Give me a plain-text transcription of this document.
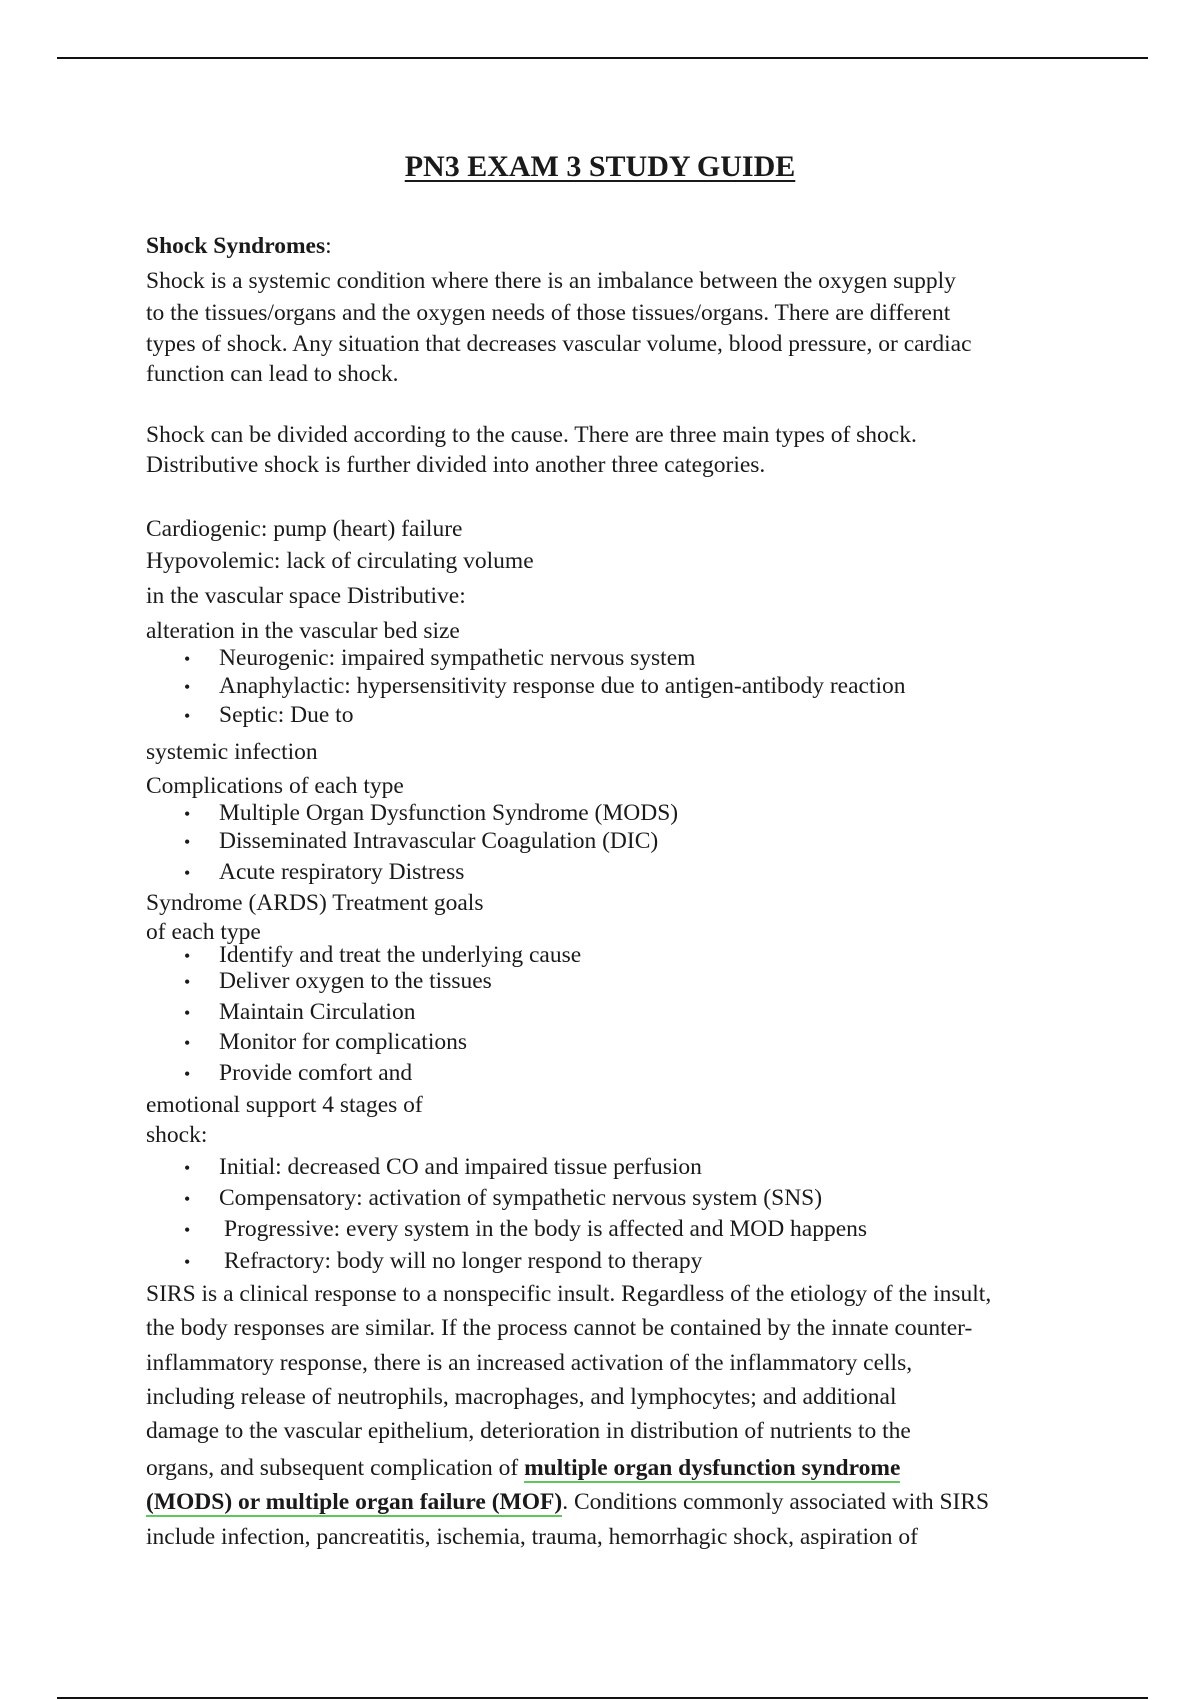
PN3 EXAM 3 STUDY GUIDE
Shock Syndromes:
Shock is a systemic condition where there is an imbalance between the oxygen supply
to the tissues/organs and the oxygen needs of those tissues/organs. There are different
types of shock. Any situation that decreases vascular volume, blood pressure, or cardiac
function can lead to shock.
Shock can be divided according to the cause. There are three main types of shock.
Distributive shock is further divided into another three categories.
Cardiogenic: pump (heart) failure
Hypovolemic: lack of circulating volume
in the vascular space Distributive:
alteration in the vascular bed size
• Neurogenic: impaired sympathetic nervous system
• Anaphylactic: hypersensitivity response due to antigen-antibody reaction
• Septic: Due to
systemic infection
Complications of each type
• Multiple Organ Dysfunction Syndrome (MODS)
• Disseminated Intravascular Coagulation (DIC)
• Acute respiratory Distress
Syndrome (ARDS) Treatment goals
of each type
• Identify and treat the underlying cause
• Deliver oxygen to the tissues
• Maintain Circulation
• Monitor for complications
• Provide comfort and
emotional support 4 stages of
shock:
• Initial: decreased CO and impaired tissue perfusion
• Compensatory: activation of sympathetic nervous system (SNS)
• Progressive: every system in the body is affected and MOD happens
• Refractory: body will no longer respond to therapy
SIRS is a clinical response to a nonspecific insult. Regardless of the etiology of the insult,
the body responses are similar. If the process cannot be contained by the innate counter-
inflammatory response, there is an increased activation of the inflammatory cells,
including release of neutrophils, macrophages, and lymphocytes; and additional
damage to the vascular epithelium, deterioration in distribution of nutrients to the
organs, and subsequent complication of multiple organ dysfunction syndrome
(MODS) or multiple organ failure (MOF). Conditions commonly associated with SIRS
include infection, pancreatitis, ischemia, trauma, hemorrhagic shock, aspiration of
